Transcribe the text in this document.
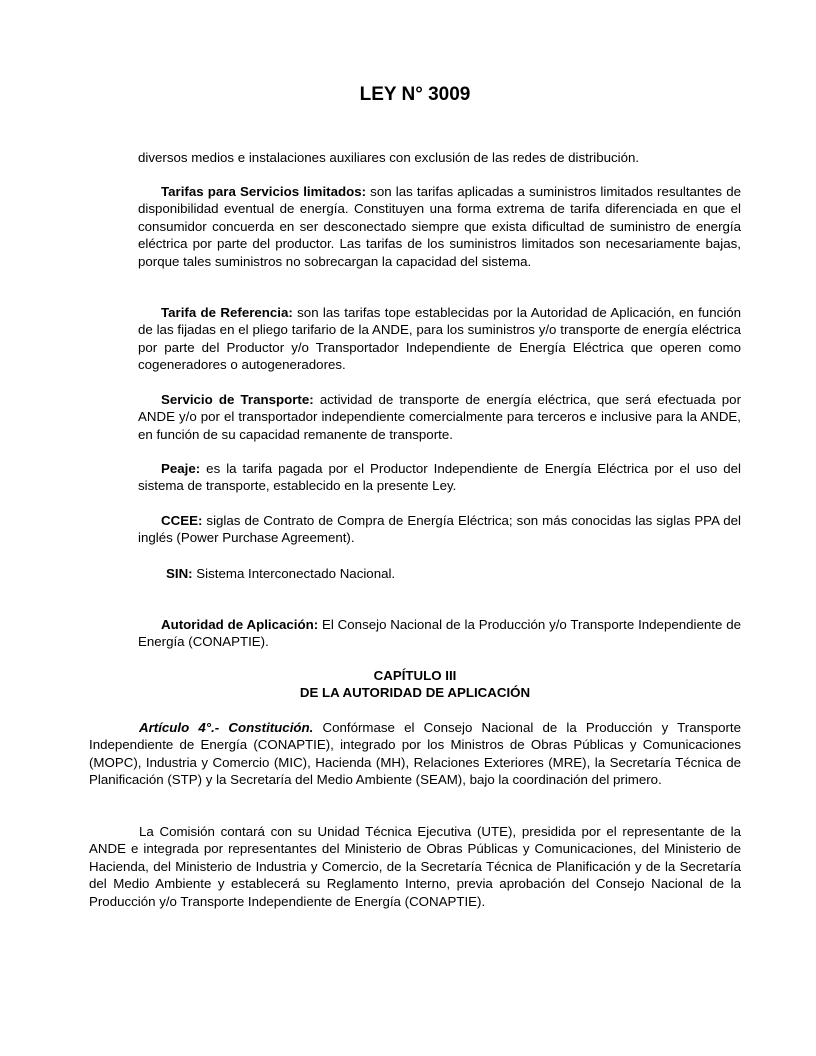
LEY N° 3009

diversos medios e instalaciones auxiliares con exclusión de las redes de distribución.

Tarifas para Servicios limitados: son las tarifas aplicadas a suministros limitados resultantes de disponibilidad eventual de energía. Constituyen una forma extrema de tarifa diferenciada en que el consumidor concuerda en ser desconectado siempre que exista dificultad de suministro de energía eléctrica por parte del productor. Las tarifas de los suministros limitados son necesariamente bajas, porque tales suministros no sobrecargan la capacidad del sistema.

Tarifa de Referencia: son las tarifas tope establecidas por la Autoridad de Aplicación, en función de las fijadas en el pliego tarifario de la ANDE, para los suministros y/o transporte de energía eléctrica por parte del Productor y/o Transportador Independiente de Energía Eléctrica que operen como cogeneradores o autogeneradores.

Servicio de Transporte: actividad de transporte de energía eléctrica, que será efectuada por ANDE y/o por el transportador independiente comercialmente para terceros e inclusive para la ANDE, en función de su capacidad remanente de transporte.

Peaje: es la tarifa pagada por el Productor Independiente de Energía Eléctrica por el uso del sistema de transporte, establecido en la presente Ley.

CCEE: siglas de Contrato de Compra de Energía Eléctrica; son más conocidas las siglas PPA del inglés (Power Purchase Agreement).

SIN: Sistema Interconectado Nacional.

Autoridad de Aplicación: El Consejo Nacional de la Producción y/o Transporte Independiente de Energía (CONAPTIE).

CAPÍTULO III

DE LA AUTORIDAD DE APLICACIÓN

Artículo 4°.- Constitución. Confórmase el Consejo Nacional de la Producción y Transporte Independiente de Energía (CONAPTIE), integrado por los Ministros de Obras Públicas y Comunicaciones (MOPC), Industria y Comercio (MIC), Hacienda (MH), Relaciones Exteriores (MRE), la Secretaría Técnica de Planificación (STP) y la Secretaría del Medio Ambiente (SEAM), bajo la coordinación del primero.

La Comisión contará con su Unidad Técnica Ejecutiva (UTE), presidida por el representante de la ANDE e integrada por representantes del Ministerio de Obras Públicas y Comunicaciones, del Ministerio de Hacienda, del Ministerio de Industria y Comercio, de la Secretaría Técnica de Planificación y de la Secretaría del Medio Ambiente y establecerá su Reglamento Interno, previa aprobación del Consejo Nacional de la Producción y/o Transporte Independiente de Energía (CONAPTIE).
